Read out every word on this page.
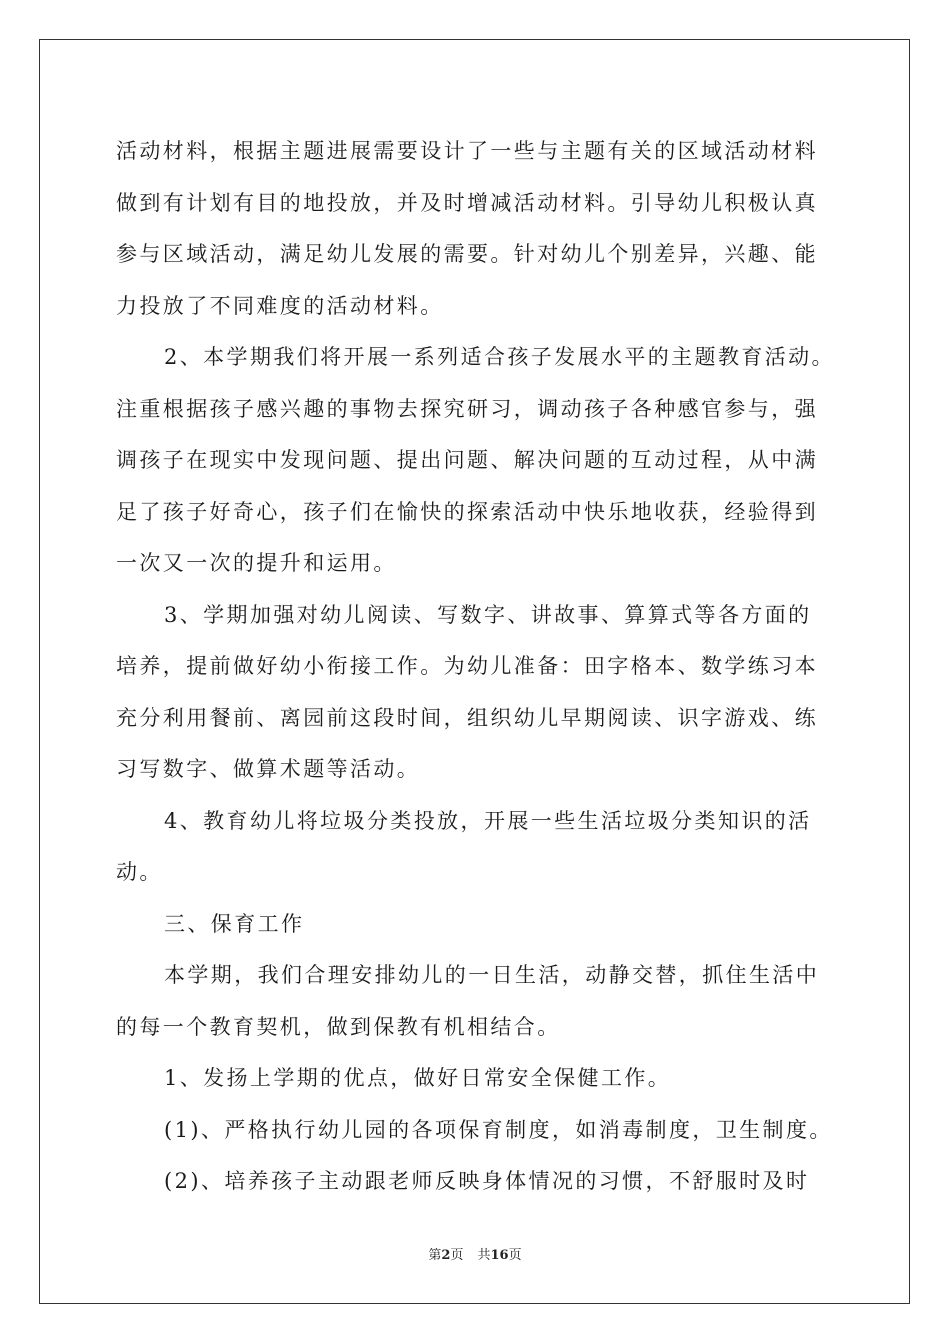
活动材料，根据主题进展需要设计了一些与主题有关的区域活动材料
做到有计划有目的地投放，并及时增减活动材料。引导幼儿积极认真
参与区域活动，满足幼儿发展的需要。针对幼儿个别差异，兴趣、能
力投放了不同难度的活动材料。
2、本学期我们将开展一系列适合孩子发展水平的主题教育活动。
注重根据孩子感兴趣的事物去探究研习，调动孩子各种感官参与，强
调孩子在现实中发现问题、提出问题、解决问题的互动过程，从中满
足了孩子好奇心，孩子们在愉快的探索活动中快乐地收获，经验得到
一次又一次的提升和运用。
3、学期加强对幼儿阅读、写数字、讲故事、算算式等各方面的
培养，提前做好幼小衔接工作。为幼儿准备：田字格本、数学练习本
充分利用餐前、离园前这段时间，组织幼儿早期阅读、识字游戏、练
习写数字、做算术题等活动。
4、教育幼儿将垃圾分类投放，开展一些生活垃圾分类知识的活
动。
三、保育工作
本学期，我们合理安排幼儿的一日生活，动静交替，抓住生活中
的每一个教育契机，做到保教有机相结合。
1、发扬上学期的优点，做好日常安全保健工作。
(1)、严格执行幼儿园的各项保育制度，如消毒制度，卫生制度。
(2)、培养孩子主动跟老师反映身体情况的习惯，不舒服时及时
第2页 共16页
